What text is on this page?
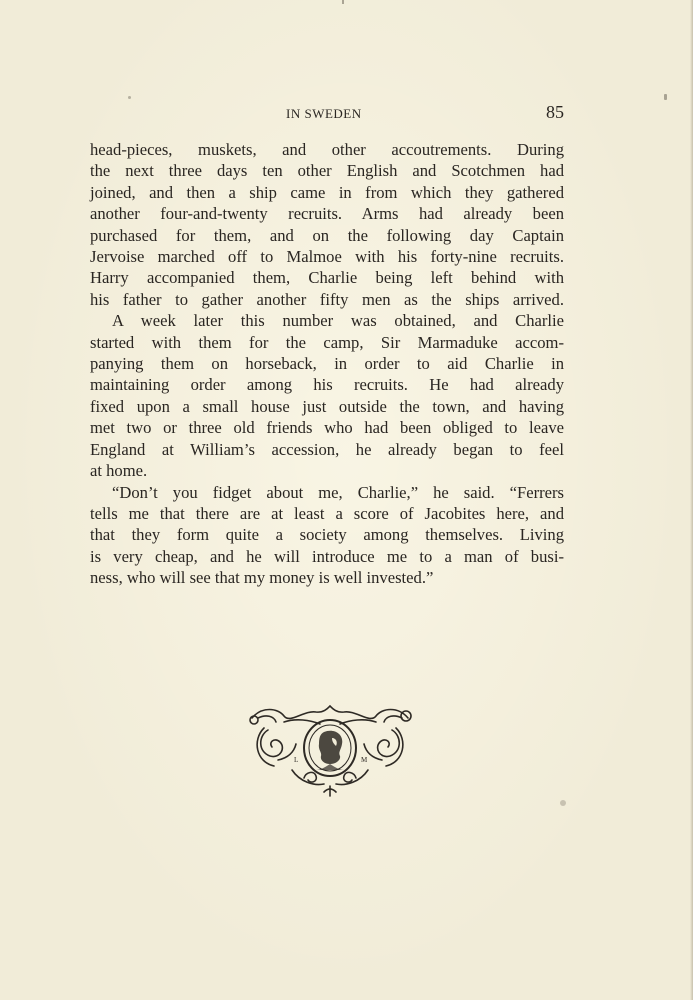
IN SWEDEN	85

head-pieces, muskets, and other accoutrements. During

the next three days ten other English and Scotchmen had

joined, and then a ship came in from which they gathered

another four-and-twenty recruits. Arms had already been

purchased for them, and on the following day Captain

Jervoise marched off to Malmoe with his forty-nine recruits.

Harry accompanied them, Charlie being left behind with

his father to gather another fifty men as the ships arrived.

A week later this number was obtained, and Charlie

started with them for the camp, Sir Marmaduke accom-

panying them on horseback, in order to aid Charlie in

maintaining order among his recruits. He had already

fixed upon a small house just outside the town, and having

met two or three old friends who had been obliged to leave

England at William’s accession, he already began to feel

at home.

“Don’t you fidget about me, Charlie,” he said. “Ferrers

tells me that there are at least a score of Jacobites here, and

that they form quite a society among themselves. Living

is very cheap, and he will introduce me to a man of busi-

ness, who will see that my money is well invested.”

L	M
